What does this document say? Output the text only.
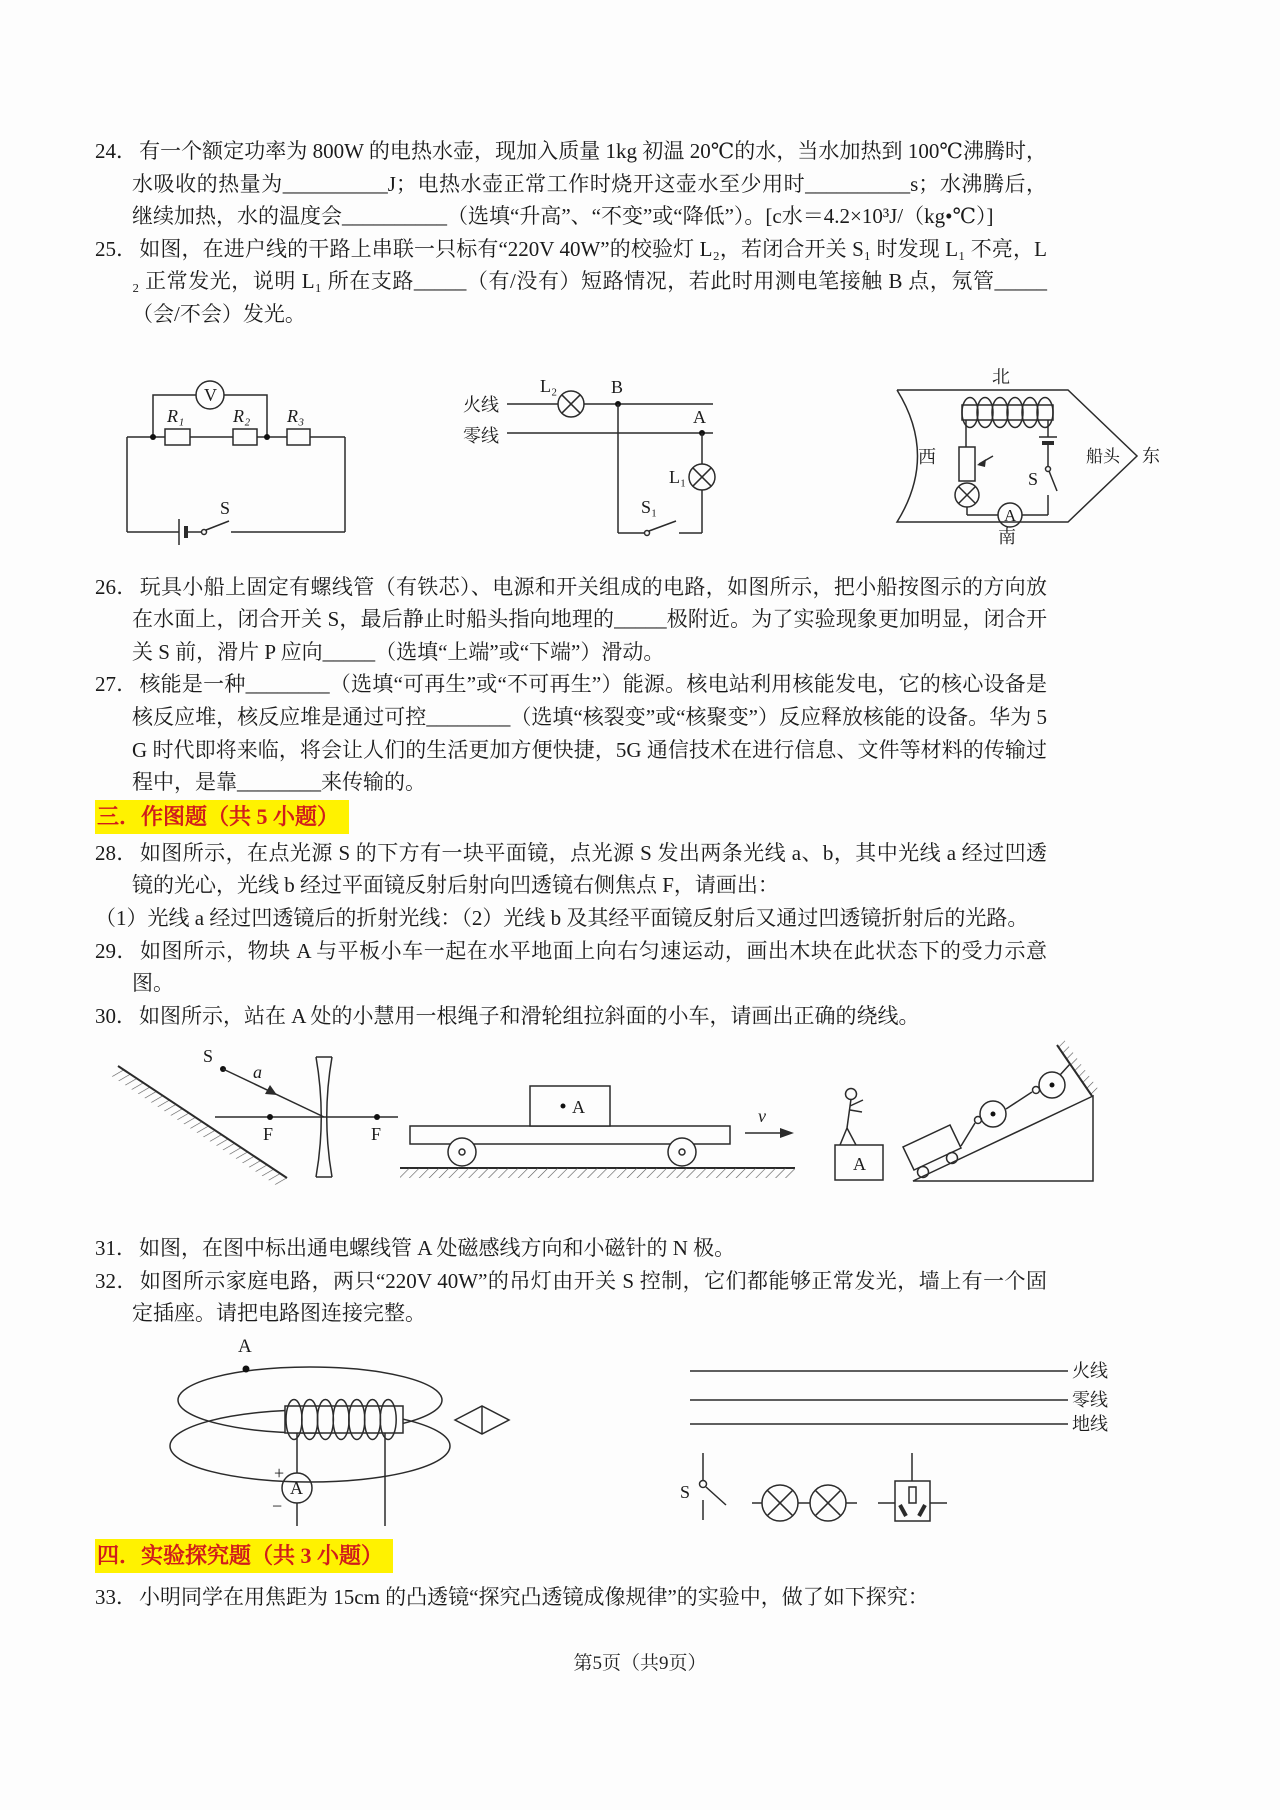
24．有一个额定功率为 800W 的电热水壶，现加入质量 1kg 初温 20℃的水，当水加热到 100℃沸腾时，水吸收的热量为__________J；电热水壶正常工作时烧开这壶水至少用时__________s；水沸腾后，继续加热，水的温度会__________（选填“升高”、“不变”或“降低”）。[c水＝4.2×10³J/（kg•℃）]

25．如图，在进户线的干路上串联一只标有“220V 40W”的校验灯 L₂，若闭合开关 S₁ 时发现 L₁ 不亮，L₂ 正常发光，说明 L₁ 所在支路_____（有/没有）短路情况，若此时用测电笔接触 B 点，氖管_____（会/不会）发光。

R₁	R₂ R₃
V
S
火线
L₂	B
零线
A
L₁
S₁
北
南
西	东
船头
A
S

26．玩具小船上固定有螺线管（有铁芯）、电源和开关组成的电路，如图所示，把小船按图示的方向放在水面上，闭合开关 S，最后静止时船头指向地理的_____极附近。为了实验现象更加明显，闭合开关 S 前，滑片 P 应向_____（选填“上端”或“下端”）滑动。

27．核能是一种________（选填“可再生”或“不可再生”）能源。核电站利用核能发电，它的核心设备是核反应堆，核反应堆是通过可控________（选填“核裂变”或“核聚变”）反应释放核能的设备。华为 5G 时代即将来临，将会让人们的生活更加方便快捷，5G 通信技术在进行信息、文件等材料的传输过程中，是靠________来传输的。

三．作图题（共 5 小题）

28．如图所示，在点光源 S 的下方有一块平面镜，点光源 S 发出两条光线 a、b，其中光线 a 经过凹透镜的光心，光线 b 经过平面镜反射后射向凹透镜右侧焦点 F，请画出：

（1）光线 a 经过凹透镜后的折射光线：（2）光线 b 及其经平面镜反射后又通过凹透镜折射后的光路。

29．如图所示，物块 A 与平板小车一起在水平地面上向右匀速运动，画出木块在此状态下的受力示意图。

30．如图所示，站在 A 处的小慧用一根绳子和滑轮组拉斜面的小车，请画出正确的绕线。

S
a
F	F
A	v
A

31．如图，在图中标出通电螺线管 A 处磁感线方向和小磁针的 N 极。

32．如图所示家庭电路，两只“220V 40W”的吊灯由开关 S 控制，它们都能够正常发光，墙上有一个固定插座。请把电路图连接完整。

A
A
+
−
火线
零线
地线
S
四．实验探究题（共 3 小题）

33．小明同学在用焦距为 15cm 的凸透镜“探究凸透镜成像规律”的实验中，做了如下探究：

第5页（共9页）
